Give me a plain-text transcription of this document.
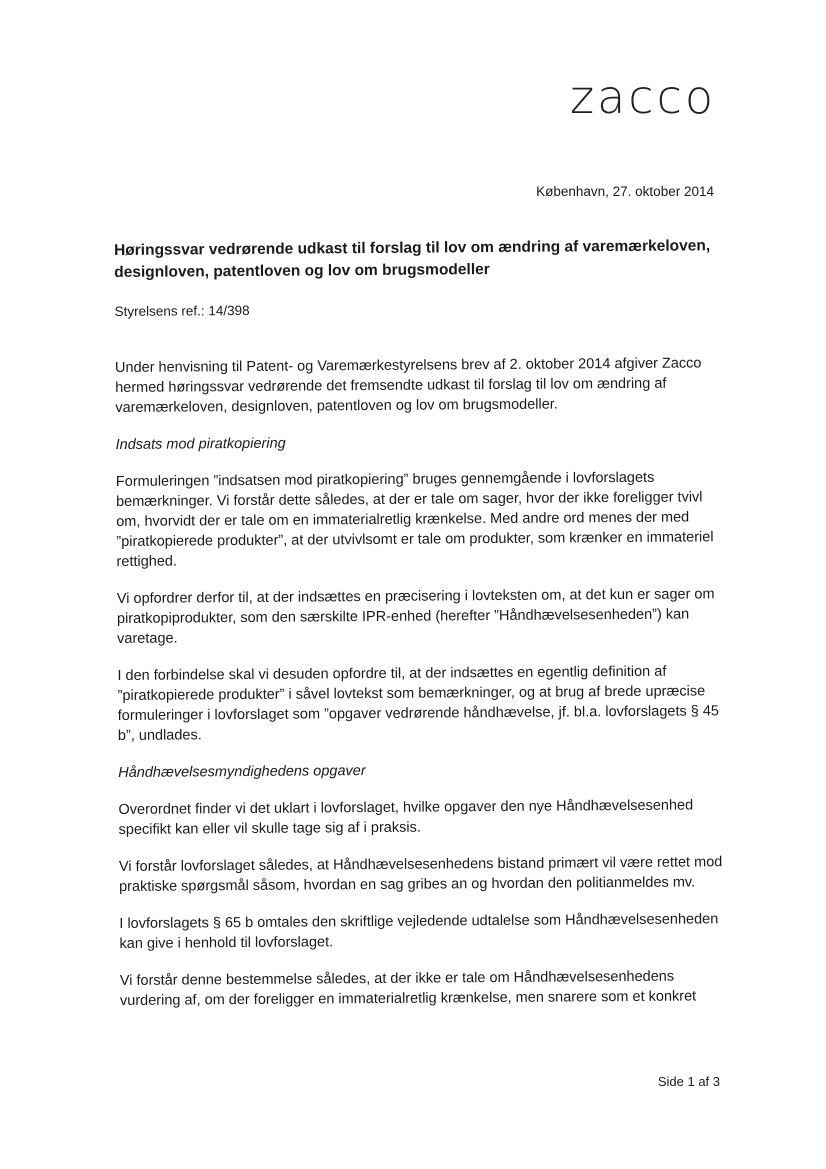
zacco
København, 27. oktober 2014
Høringssvar vedrørende udkast til forslag til lov om ændring af varemærkeloven, designloven, patentloven og lov om brugsmodeller
Styrelsens ref.: 14/398

Under henvisning til Patent- og Varemærkestyrelsens brev af 2. oktober 2014 afgiver Zacco hermed høringssvar vedrørende det fremsendte udkast til forslag til lov om ændring af varemærkeloven, designloven, patentloven og lov om brugsmodeller.

Indsats mod piratkopiering

Formuleringen ”indsatsen mod piratkopiering” bruges gennemgående i lovforslagets bemærkninger. Vi forstår dette således, at der er tale om sager, hvor der ikke foreligger tvivl om, hvorvidt der er tale om en immaterialretlig krænkelse. Med andre ord menes der med ”piratkopierede produkter”, at der utvivlsomt er tale om produkter, som krænker en immateriel rettighed.

Vi opfordrer derfor til, at der indsættes en præcisering i lovteksten om, at det kun er sager om piratkopiprodukter, som den særskilte IPR-enhed (herefter ”Håndhævelsesenheden”) kan varetage.

I den forbindelse skal vi desuden opfordre til, at der indsættes en egentlig definition af ”piratkopierede produkter” i såvel lovtekst som bemærkninger, og at brug af brede upræcise formuleringer i lovforslaget som ”opgaver vedrørende håndhævelse, jf. bl.a. lovforslagets § 45 b”, undlades.

Håndhævelsesmyndighedens opgaver

Overordnet finder vi det uklart i lovforslaget, hvilke opgaver den nye Håndhævelsesenhed specifikt kan eller vil skulle tage sig af i praksis.

Vi forstår lovforslaget således, at Håndhævelsesenhedens bistand primært vil være rettet mod praktiske spørgsmål såsom, hvordan en sag gribes an og hvordan den politianmeldes mv.

I lovforslagets § 65 b omtales den skriftlige vejledende udtalelse som Håndhævelsesenheden kan give i henhold til lovforslaget.

Vi forstår denne bestemmelse således, at der ikke er tale om Håndhævelsesenhedens vurdering af, om der foreligger en immaterialretlig krænkelse, men snarere som et konkret

Side 1 af 3
